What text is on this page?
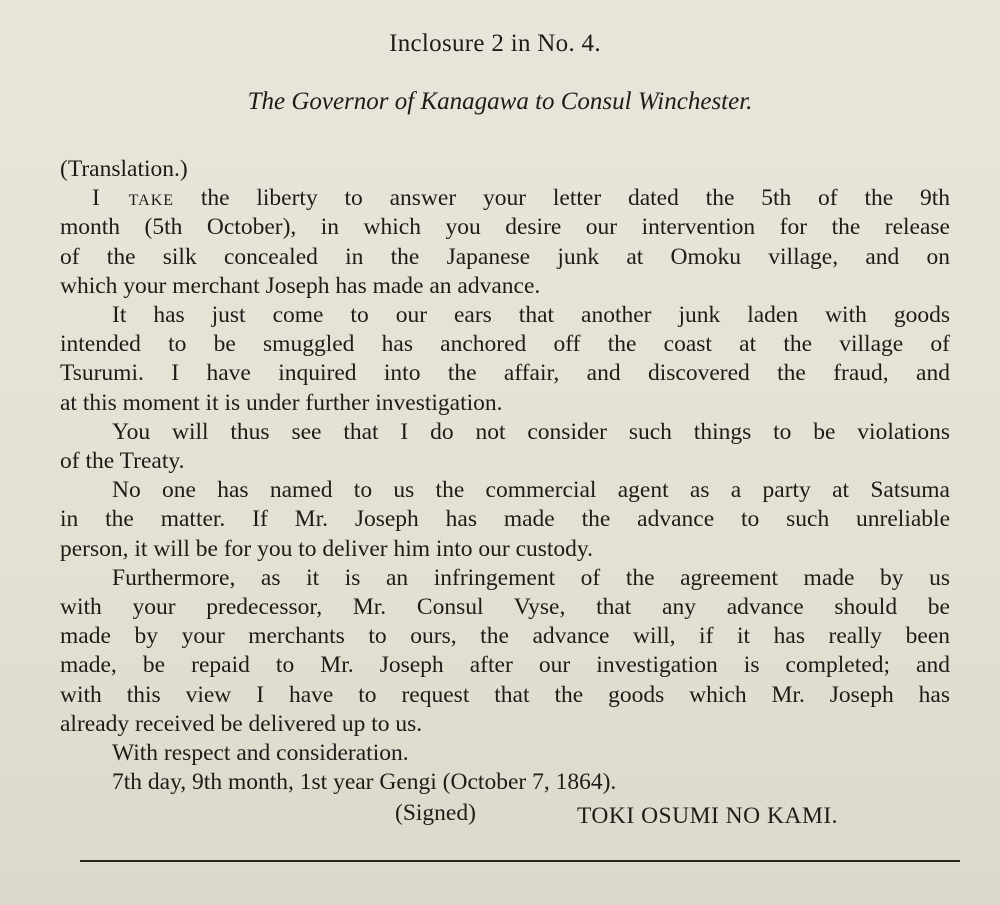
Inclosure 2 in No. 4.
The Governor of Kanagawa to Consul Winchester.
(Translation.)
I take the liberty to answer your letter dated the 5th of the 9th
month (5th October), in which you desire our intervention for the release
of the silk concealed in the Japanese junk at Omoku village, and on
which your merchant Joseph has made an advance.
It has just come to our ears that another junk laden with goods
intended to be smuggled has anchored off the coast at the village of
Tsurumi. I have inquired into the affair, and discovered the fraud, and
at this moment it is under further investigation.
You will thus see that I do not consider such things to be violations
of the Treaty.
No one has named to us the commercial agent as a party at Satsuma
in the matter. If Mr. Joseph has made the advance to such unreliable
person, it will be for you to deliver him into our custody.
Furthermore, as it is an infringement of the agreement made by us
with your predecessor, Mr. Consul Vyse, that any advance should be
made by your merchants to ours, the advance will, if it has really been
made, be repaid to Mr. Joseph after our investigation is completed; and
with this view I have to request that the goods which Mr. Joseph has
already received be delivered up to us.
With respect and consideration.
7th day, 9th month, 1st year Gengi (October 7, 1864).
(Signed)	TOKI OSUMI NO KAMI.
